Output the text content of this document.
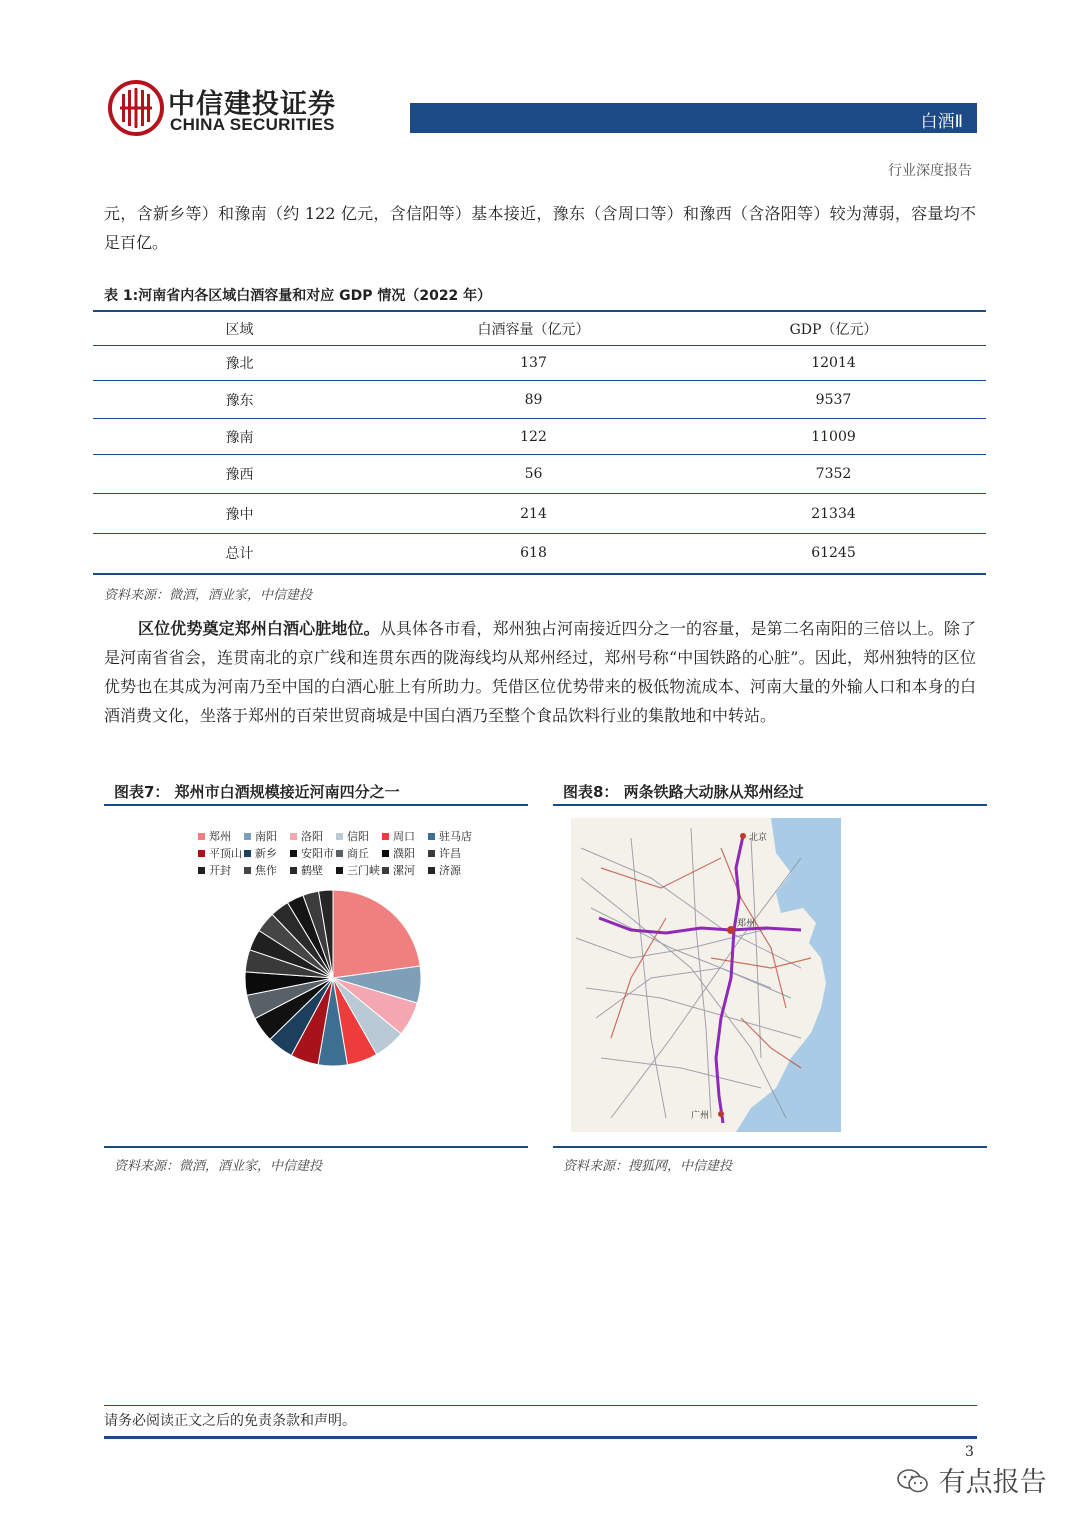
中信建投证券
CHINA SECURITIES	白酒Ⅱ
行业深度报告
元，含新乡等）和豫南（约 122 亿元，含信阳等）基本接近，豫东（含周口等）和豫西（含洛阳等）较为薄弱，容量均不足百亿。
表 1:河南省内各区域白酒容量和对应 GDP 情况（2022 年）
区域	白酒容量（亿元）	GDP（亿元）
豫北	137	12014
豫东	89	9537
豫南	122	11009
豫西	56	7352
豫中	214	21334
总计	618	61245
资料来源：微酒，酒业家，中信建投
区位优势奠定郑州白酒心脏地位。从具体各市看，郑州独占河南接近四分之一的容量，是第二名南阳的三倍以上。除了是河南省省会，连贯南北的京广线和连贯东西的陇海线均从郑州经过，郑州号称“中国铁路的心脏”。因此，郑州独特的区位优势也在其成为河南乃至中国的白酒心脏上有所助力。凭借区位优势带来的极低物流成本、河南大量的外输人口和本身的白酒消费文化，坐落于郑州的百荣世贸商城是中国白酒乃至整个食品饮料行业的集散地和中转站。
图表7： 郑州市白酒规模接近河南四分之一
郑州	南阳	洛阳	信阳	周口	驻马店
平顶山	新乡	安阳市	商丘	濮阳	许昌
开封	焦作	鹤壁	三门峡	漯河	济源
资料来源：微酒，酒业家，中信建投
图表8： 两条铁路大动脉从郑州经过
郑州
北京
广州
资料来源：搜狐网，中信建投
请务必阅读正文之后的免责条款和声明。
3
有点报告
